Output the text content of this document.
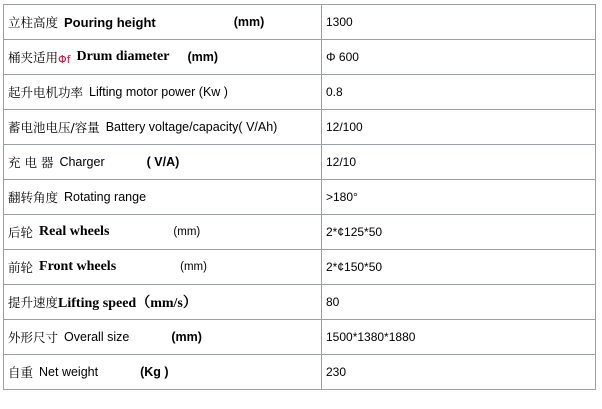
立柱高度 Pouring height (mm)	1300

桶夹适用 Φf Drum diameter (mm)	Φ 600

起升电机功率 Lifting motor power (Kw )	0.8

蓄电池电压/容量 Battery voltage/capacity( V/Ah)	12/100

充 电 器 Charger ( V/A)	12/10

翻转角度 Rotating range	>180°

后轮 Real wheels (mm)	2*¢125*50

前轮 Front wheels (mm)	2*¢150*50

提升速度 Lifting speed（mm/s）	80

外形尺寸 Overall size (mm)	1500*1380*1880

自重 Net weight (Kg )	230
